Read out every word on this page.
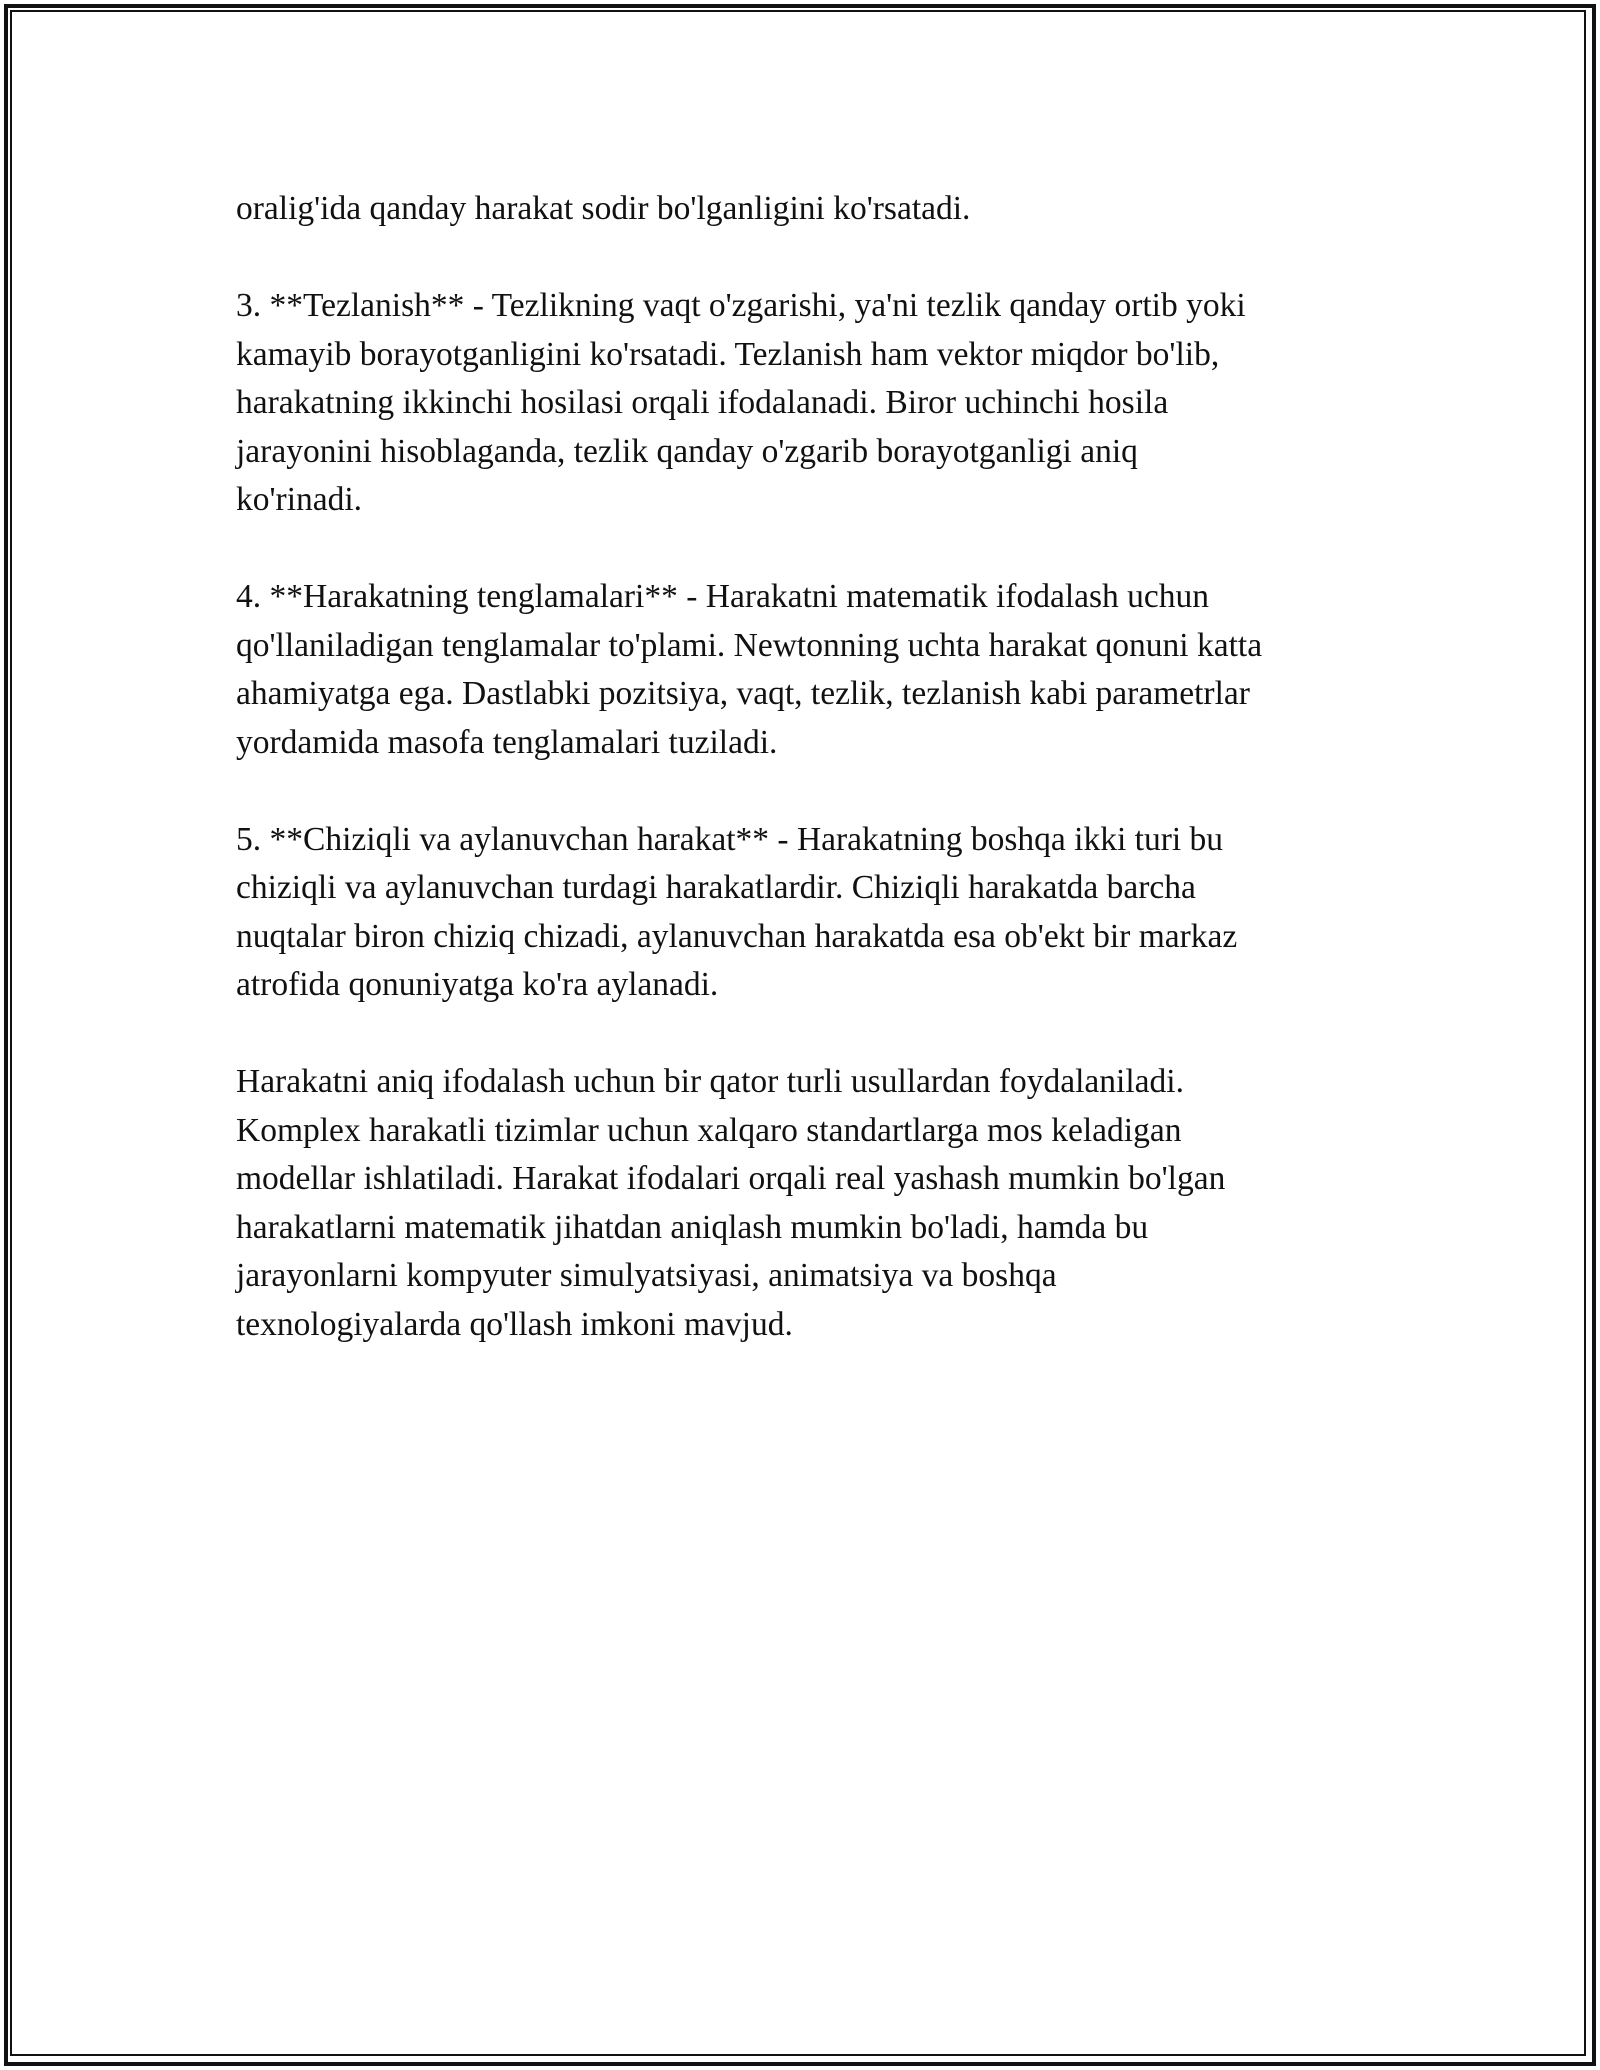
oralig'ida qanday harakat sodir bo'lganligini ko'rsatadi.

3. **Tezlanish** - Tezlikning vaqt o'zgarishi, ya'ni tezlik qanday ortib yoki
kamayib borayotganligini ko'rsatadi. Tezlanish ham vektor miqdor bo'lib,
harakatning ikkinchi hosilasi orqali ifodalanadi. Biror uchinchi hosila
jarayonini hisoblaganda, tezlik qanday o'zgarib borayotganligi aniq
ko'rinadi.

4. **Harakatning tenglamalari** - Harakatni matematik ifodalash uchun
qo'llaniladigan tenglamalar to'plami. Newtonning uchta harakat qonuni katta
ahamiyatga ega. Dastlabki pozitsiya, vaqt, tezlik, tezlanish kabi parametrlar
yordamida masofa tenglamalari tuziladi.

5. **Chiziqli va aylanuvchan harakat** - Harakatning boshqa ikki turi bu
chiziqli va aylanuvchan turdagi harakatlardir. Chiziqli harakatda barcha
nuqtalar biron chiziq chizadi, aylanuvchan harakatda esa ob'ekt bir markaz
atrofida qonuniyatga ko'ra aylanadi.

Harakatni aniq ifodalash uchun bir qator turli usullardan foydalaniladi.
Komplex harakatli tizimlar uchun xalqaro standartlarga mos keladigan
modellar ishlatiladi. Harakat ifodalari orqali real yashash mumkin bo'lgan
harakatlarni matematik jihatdan aniqlash mumkin bo'ladi, hamda bu
jarayonlarni kompyuter simulyatsiyasi, animatsiya va boshqa
texnologiyalarda qo'llash imkoni mavjud.
